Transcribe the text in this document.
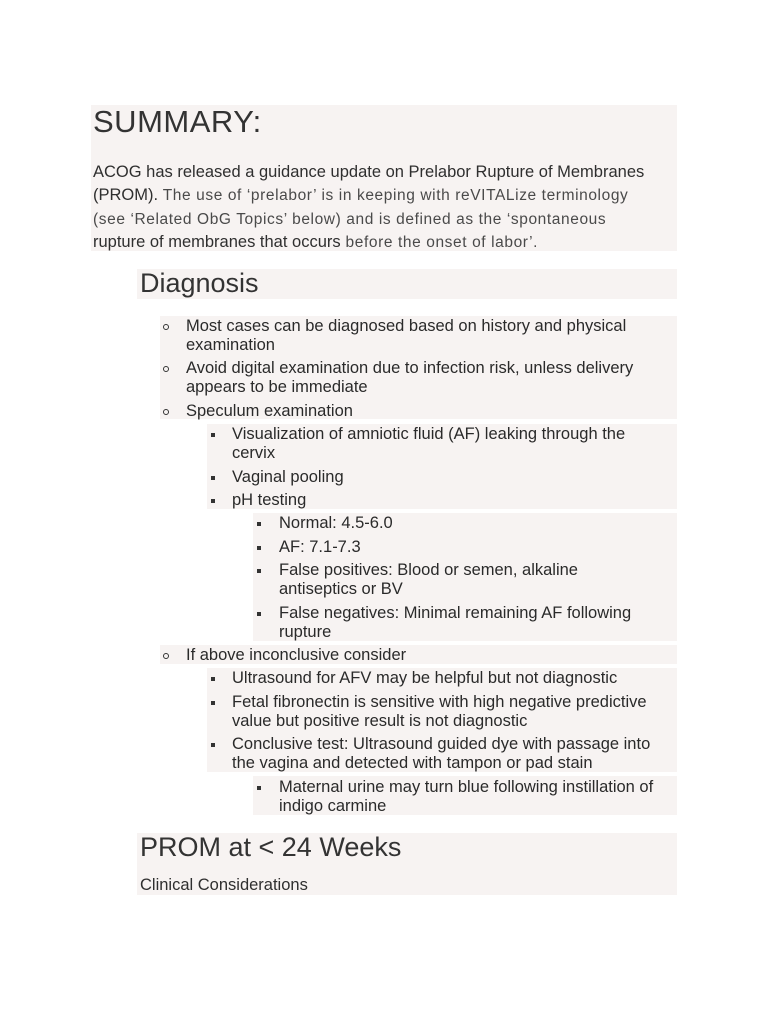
SUMMARY:
ACOG has released a guidance update on Prelabor Rupture of Membranes
(PROM). The use of ‘prelabor’ is in keeping with reVITALize terminology
(see ‘Related ObG Topics’ below) and is defined as the ‘spontaneous
rupture of membranes that occurs before the onset of labor’.
Diagnosis
Most cases can be diagnosed based on history and physical
examination
Avoid digital examination due to infection risk, unless delivery
appears to be immediate
Speculum examination
Visualization of amniotic fluid (AF) leaking through the
cervix
Vaginal pooling
pH testing
Normal: 4.5-6.0
AF: 7.1-7.3
False positives: Blood or semen, alkaline
antiseptics or BV
False negatives: Minimal remaining AF following
rupture
If above inconclusive consider
Ultrasound for AFV may be helpful but not diagnostic
Fetal fibronectin is sensitive with high negative predictive
value but positive result is not diagnostic
Conclusive test: Ultrasound guided dye with passage into
the vagina and detected with tampon or pad stain
Maternal urine may turn blue following instillation of
indigo carmine
PROM at < 24 Weeks
Clinical Considerations
